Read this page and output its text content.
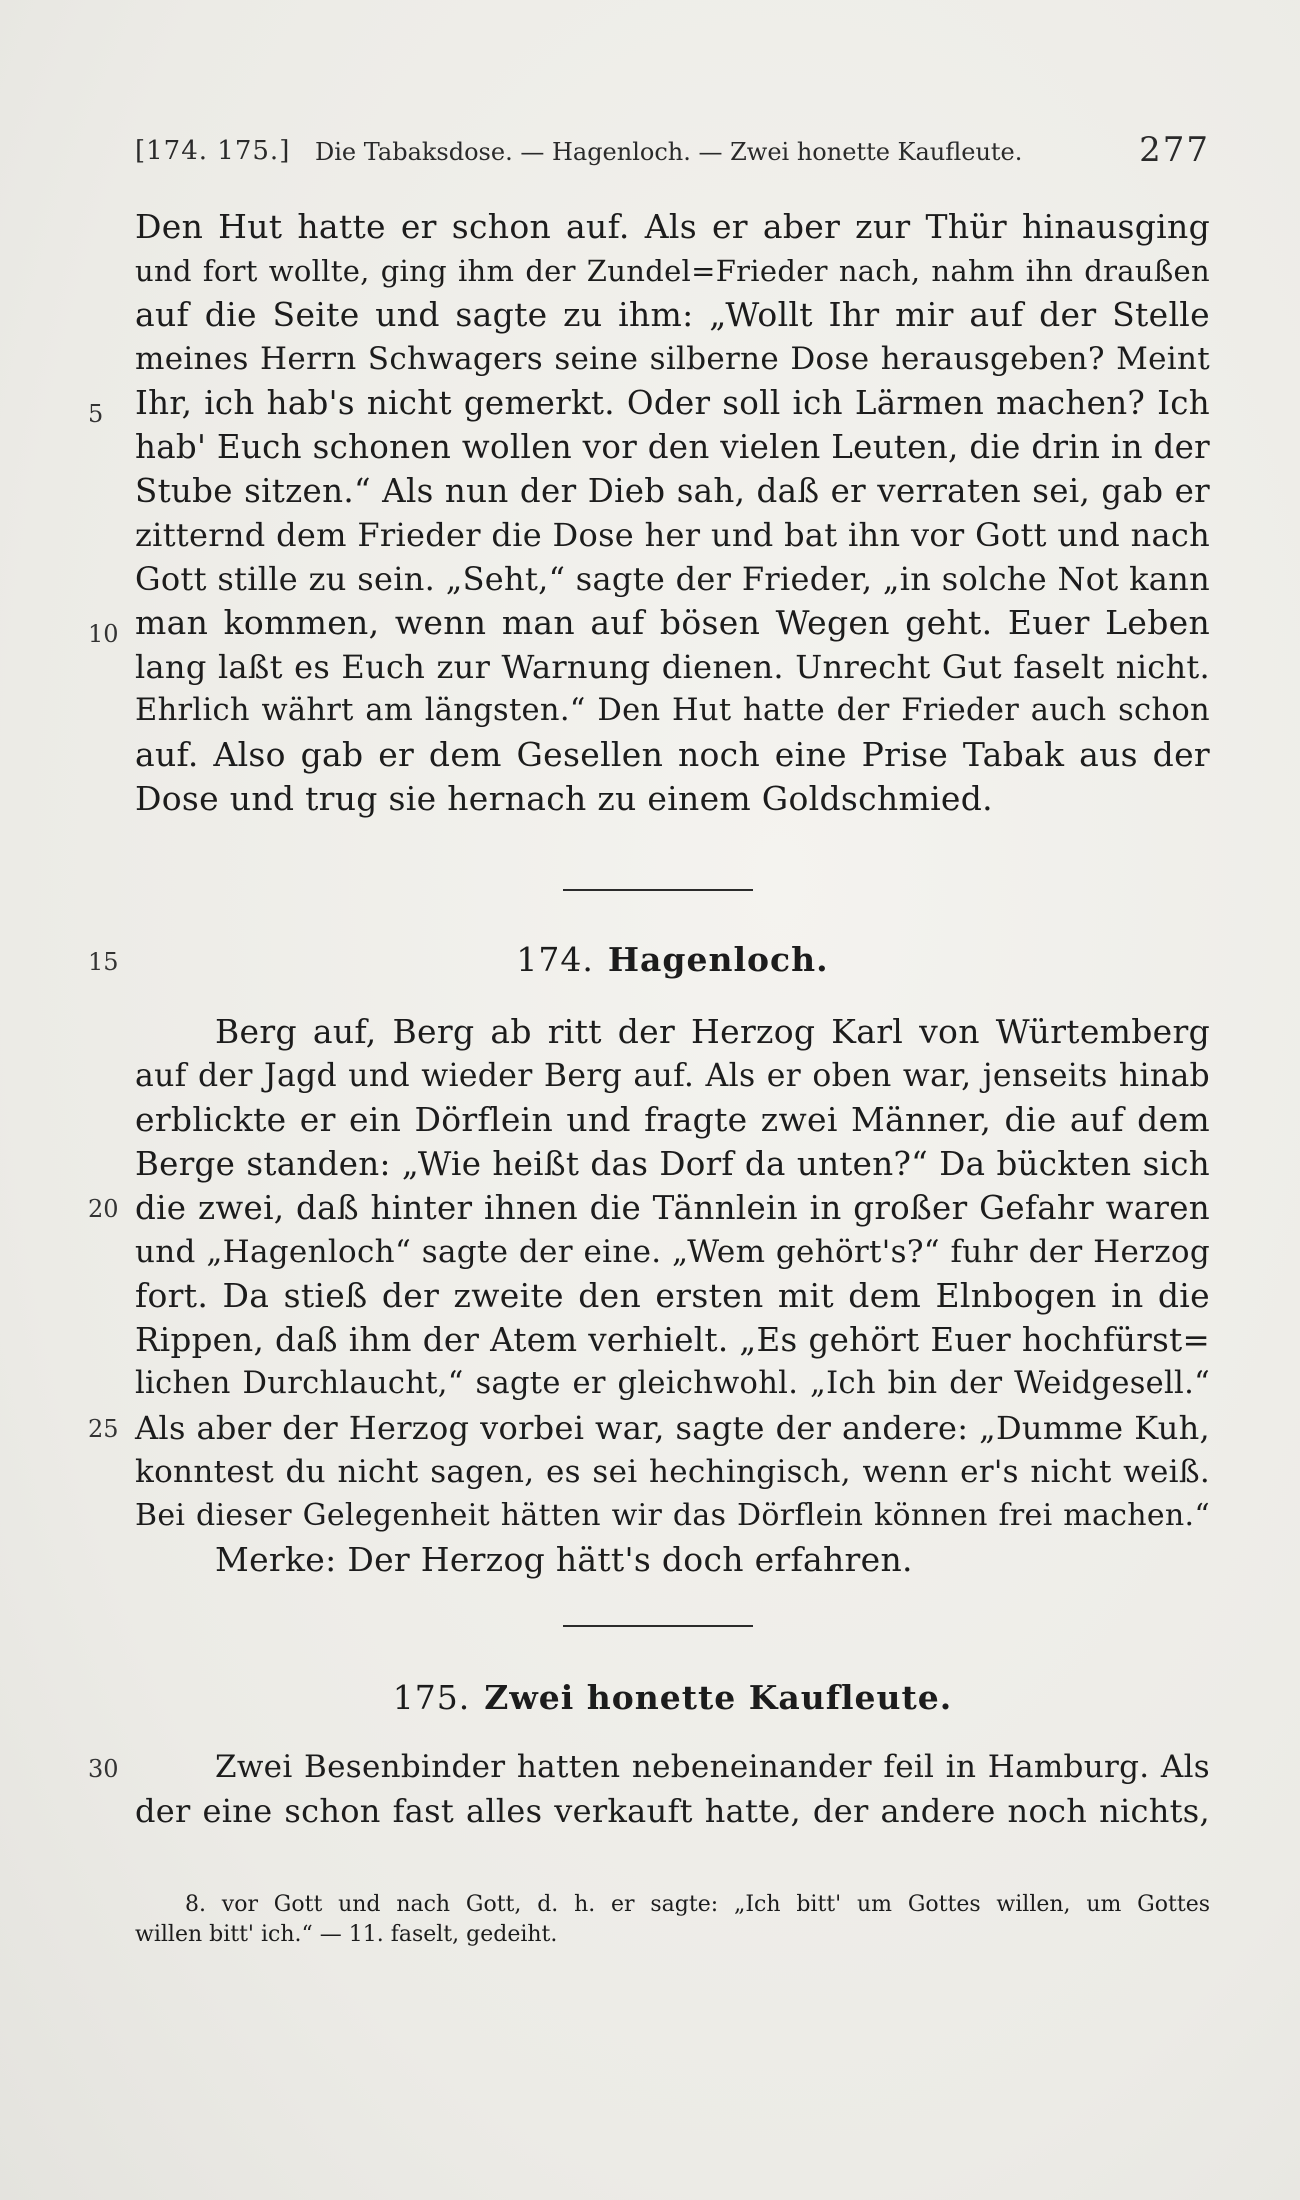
[174. 175.] Die Tabaksdose. — Hagenloch. — Zwei honette Kaufleute.	277
Den Hut hatte er schon auf. Als er aber zur Thür hinausging
und fort wollte, ging ihm der Zundel=Frieder nach, nahm ihn draußen
auf die Seite und sagte zu ihm: „Wollt Ihr mir auf der Stelle
meines Herrn Schwagers seine silberne Dose herausgeben? Meint
Ihr, ich hab's nicht gemerkt. Oder soll ich Lärmen machen? Ich
hab' Euch schonen wollen vor den vielen Leuten, die drin in der
Stube sitzen.“ Als nun der Dieb sah, daß er verraten sei, gab er
zitternd dem Frieder die Dose her und bat ihn vor Gott und nach
Gott stille zu sein. „Seht,“ sagte der Frieder, „in solche Not kann
man kommen, wenn man auf bösen Wegen geht. Euer Leben
lang laßt es Euch zur Warnung dienen. Unrecht Gut faselt nicht.
Ehrlich währt am längsten.“ Den Hut hatte der Frieder auch schon
auf. Also gab er dem Gesellen noch eine Prise Tabak aus der
Dose und trug sie hernach zu einem Goldschmied.
5
10
15	174. Hagenloch.
Berg auf, Berg ab ritt der Herzog Karl von Würtemberg
auf der Jagd und wieder Berg auf. Als er oben war, jenseits hinab
erblickte er ein Dörflein und fragte zwei Männer, die auf dem
Berge standen: „Wie heißt das Dorf da unten?“ Da bückten sich
die zwei, daß hinter ihnen die Tännlein in großer Gefahr waren
und „Hagenloch“ sagte der eine. „Wem gehört's?“ fuhr der Herzog
fort. Da stieß der zweite den ersten mit dem Elnbogen in die
Rippen, daß ihm der Atem verhielt. „Es gehört Euer hochfürst=
lichen Durchlaucht,“ sagte er gleichwohl. „Ich bin der Weidgesell.“
Als aber der Herzog vorbei war, sagte der andere: „Dumme Kuh,
konntest du nicht sagen, es sei hechingisch, wenn er's nicht weiß.
Bei dieser Gelegenheit hätten wir das Dörflein können frei machen.“
Merke: Der Herzog hätt's doch erfahren.
20
25
175. Zwei honette Kaufleute.
Zwei Besenbinder hatten nebeneinander feil in Hamburg. Als
der eine schon fast alles verkauft hatte, der andere noch nichts,
30
8. vor Gott und nach Gott, d. h. er sagte: „Ich bitt' um Gottes willen, um Gottes
willen bitt' ich.“ — 11. faselt, gedeiht.
